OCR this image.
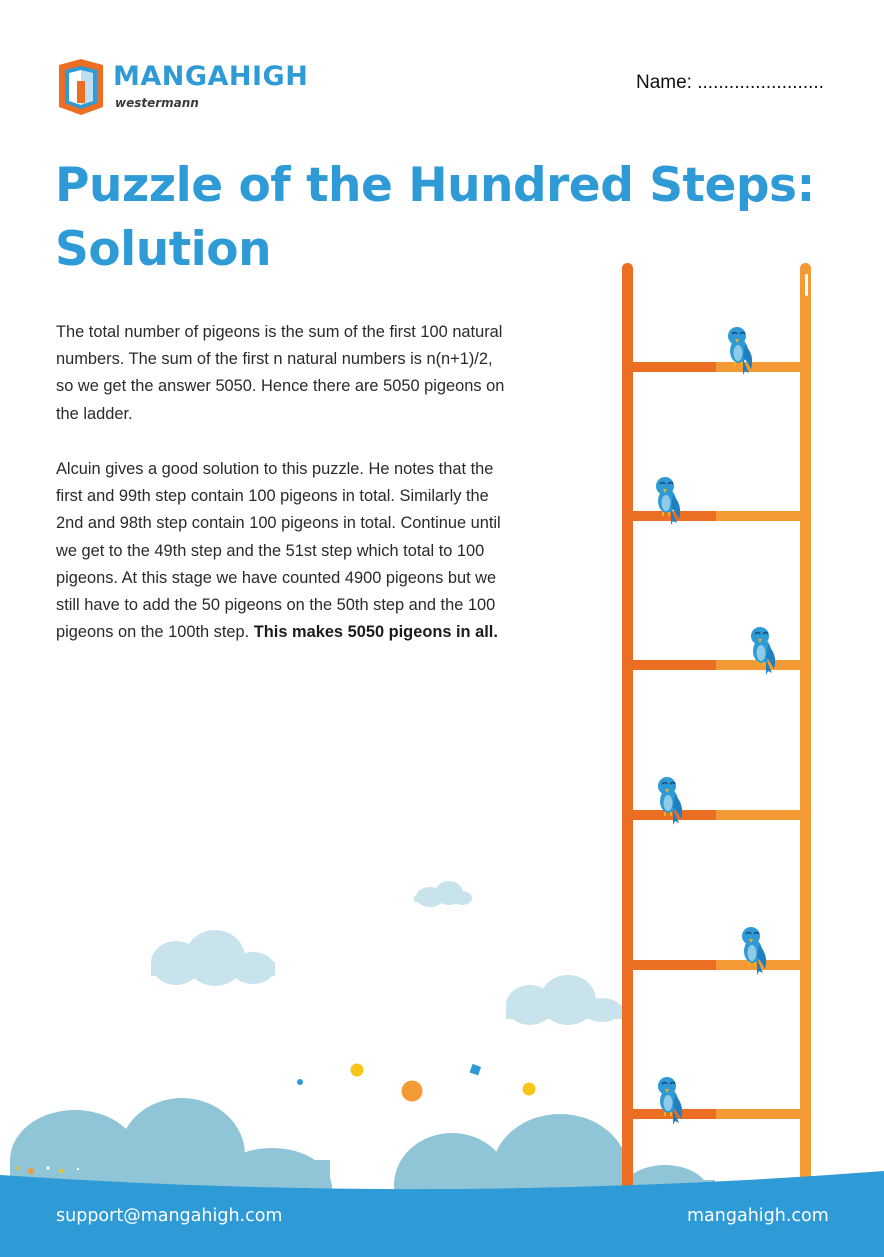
MANGAHIGH
westermann
Name: ........................
Puzzle of the Hundred Steps:
Solution

The total number of pigeons is the sum of the first 100 natural numbers. The sum of the first n natural numbers is n(n+1)/2, so we get the answer 5050. Hence there are 5050 pigeons on the ladder.

Alcuin gives a good solution to this puzzle. He notes that the first and 99th step contain 100 pigeons in total. Similarly the 2nd and 98th step contain 100 pigeons in total. Continue until we get to the 49th step and the 51st step which total to 100 pigeons. At this stage we have counted 4900 pigeons but we still have to add the 50 pigeons on the 50th step and the 100 pigeons on the 100th step. This makes 5050 pigeons in all.

support@mangahigh.com	mangahigh.com
